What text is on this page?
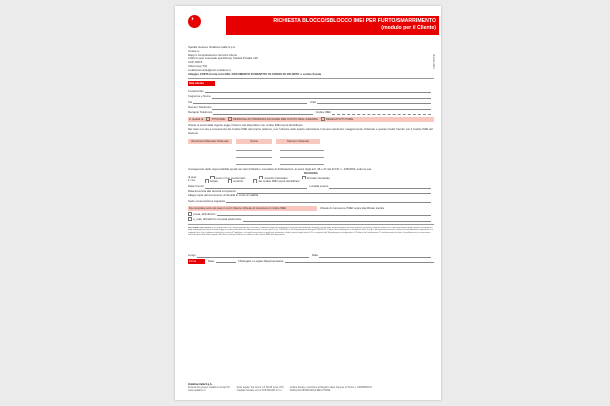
’	RICHIESTA BLOCCO/SBLOCCO IMEI PER FURTO/SMARRIMENTO
(modulo per il Cliente)
Modulo IMEI
Spettile Gestore Vodafone Italia S.p.A.
Inviare a:
Rapp.ti Comparlamento Servizio Clienti
Indirizzo (per eventuale spedizione) Casella Postale 190
CAP 10015
Città Ivrea (TO)
vodafoneomnitel@cert.vodafone.it
Allegare COPIA fronte-retro DEL DOCUMENTO DI IDENTITA' IN CORSO DI VALIDITA' e codice fiscale
Dati cliente
Il sottoscritto
Cognome e Nome
Via	Città
Numero Telefonico
Recapito Telefonico	Codice IMEI
in qualità di	TITOLARE	PERSONA AUTORIZZATA AD AGIRE PER CONTO DELL'AZIENDA	DELEGATO/TUTORE
chiede ai sensi della vigente legge il blocco del dispositivo con codice IMEI sopra identificato.
Nel caso non sia a conoscenza del Codice IMEI del proprio telefono, può 'indicare nello spazio sottostante il numero telefonico maggiormente chiamato e quanto risulta 'tramite' per il Codice IMEI del telefono.
Ricezione/chiamata Chiamate	Orario	Numero chiamato
Consapevole delle responsabilità penali nei casi di falsità e mendacia di dichiarazioni, ai sensi degli artt. 46 e 47 del D.P.R. n. 445/2000, sotto la sua
DICHIARA
di aver	perso in luo menzionato	smarrito l'apparato	ritrovato l'apparato
il / tra	furtato	smarrito	del codice IMEI sopra identificato
Data rinvenir	Località evento
Data denuncia alle autorità competenti
Allega copia del documento di identità in corso di validità
Sede conservazione Apparato
Da compilare solo nel caso in cui il Cliente richiede di conoscere il codice IMEI	Chiede di conoscere l'IMEI sopra identificato tramite
posta, all'indirizzo:
e_mail, all'indirizzo di posta elettronica:
INFORMATIVA PRIVACY La informiamo che i dati personali da Lei forniti, contenuti nella dichiarazione e nella documentazione allegata al fine della autorizzazione del Suo telefono cellulare, saranno trattati per il perseguimento delle finalità contrattuali e degli adempimenti previsti dalla legge in materia di tutela dei dati personali ai sensi del D.Lgs. 196/2003 e del Regolamento Europeo 2016/679. Titolare del trattamento è Vodafone Italia S.p.A. I dati potranno essere comunicati alle Autorità competenti e a soggetti terzi che svolgono attività per conto di Vodafone. Lei potrà esercitare in qualsiasi momento i diritti previsti dagli articoli 15 e seguenti del Regolamento rivolgendosi al Titolare del trattamento. Il conferimento dei dati è facoltativo ma in mancanza non sarà possibile dare seguito alla Sua richiesta di blocco o sblocco del codice IMEI del dispositivo.
Luogo	Data
Firma	Data	Il Delegato o Legale Rappresentante
Vodafone Italia S.p.A.
Società del gruppo Vodafone Group Plc.
www.vodafone.it

Sede legale: Via Jervis, 13 10015 Ivrea (TO)
Capitale Sociale euro 2.305.099.887,12 i.v.

Codice fiscale e iscrizione al Registro delle Imprese di Torino n. 93026890017
Partita IVA 08539010010 REA 274699
